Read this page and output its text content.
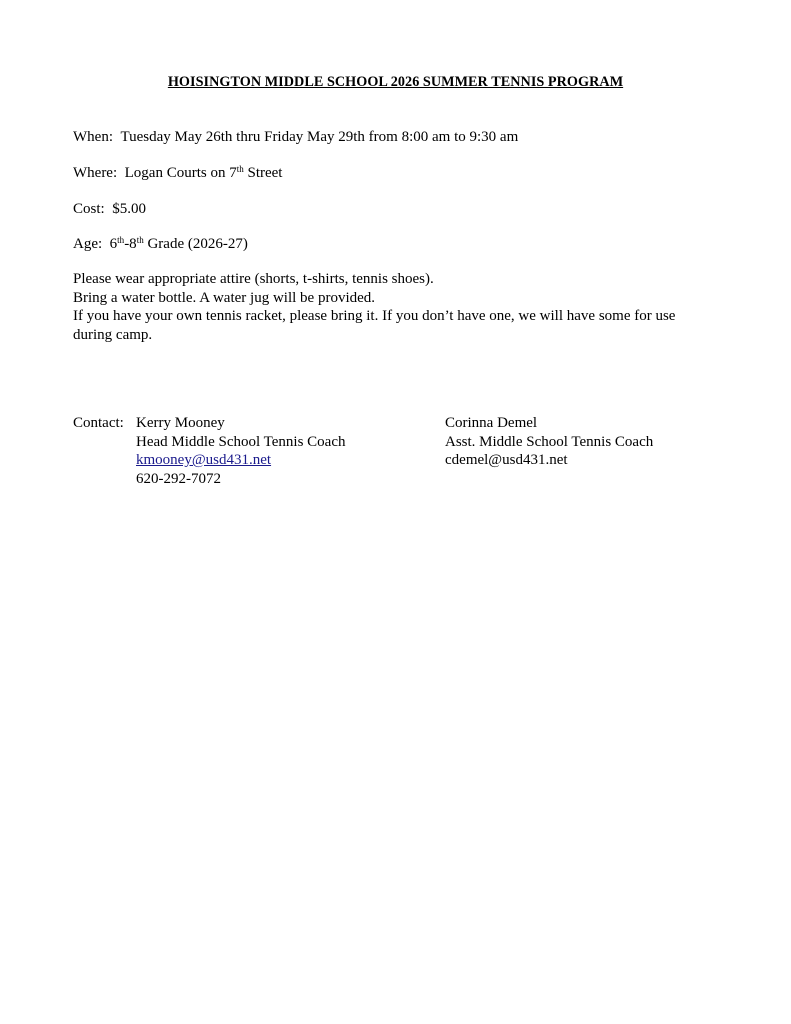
HOISINGTON MIDDLE SCHOOL 2026 SUMMER TENNIS PROGRAM
When: Tuesday May 26th thru Friday May 29th from 8:00 am to 9:30 am
Where: Logan Courts on 7th Street
Cost: $5.00
Age: 6th-8th Grade (2026-27)
Please wear appropriate attire (shorts, t-shirts, tennis shoes).
Bring a water bottle. A water jug will be provided.
If you have your own tennis racket, please bring it. If you don’t have one, we will have some for use during camp.
Contact: Kerry Mooney
Head Middle School Tennis Coach
kmooney@usd431.net
620-292-7072
Corinna Demel
Asst. Middle School Tennis Coach
cdemel@usd431.net
